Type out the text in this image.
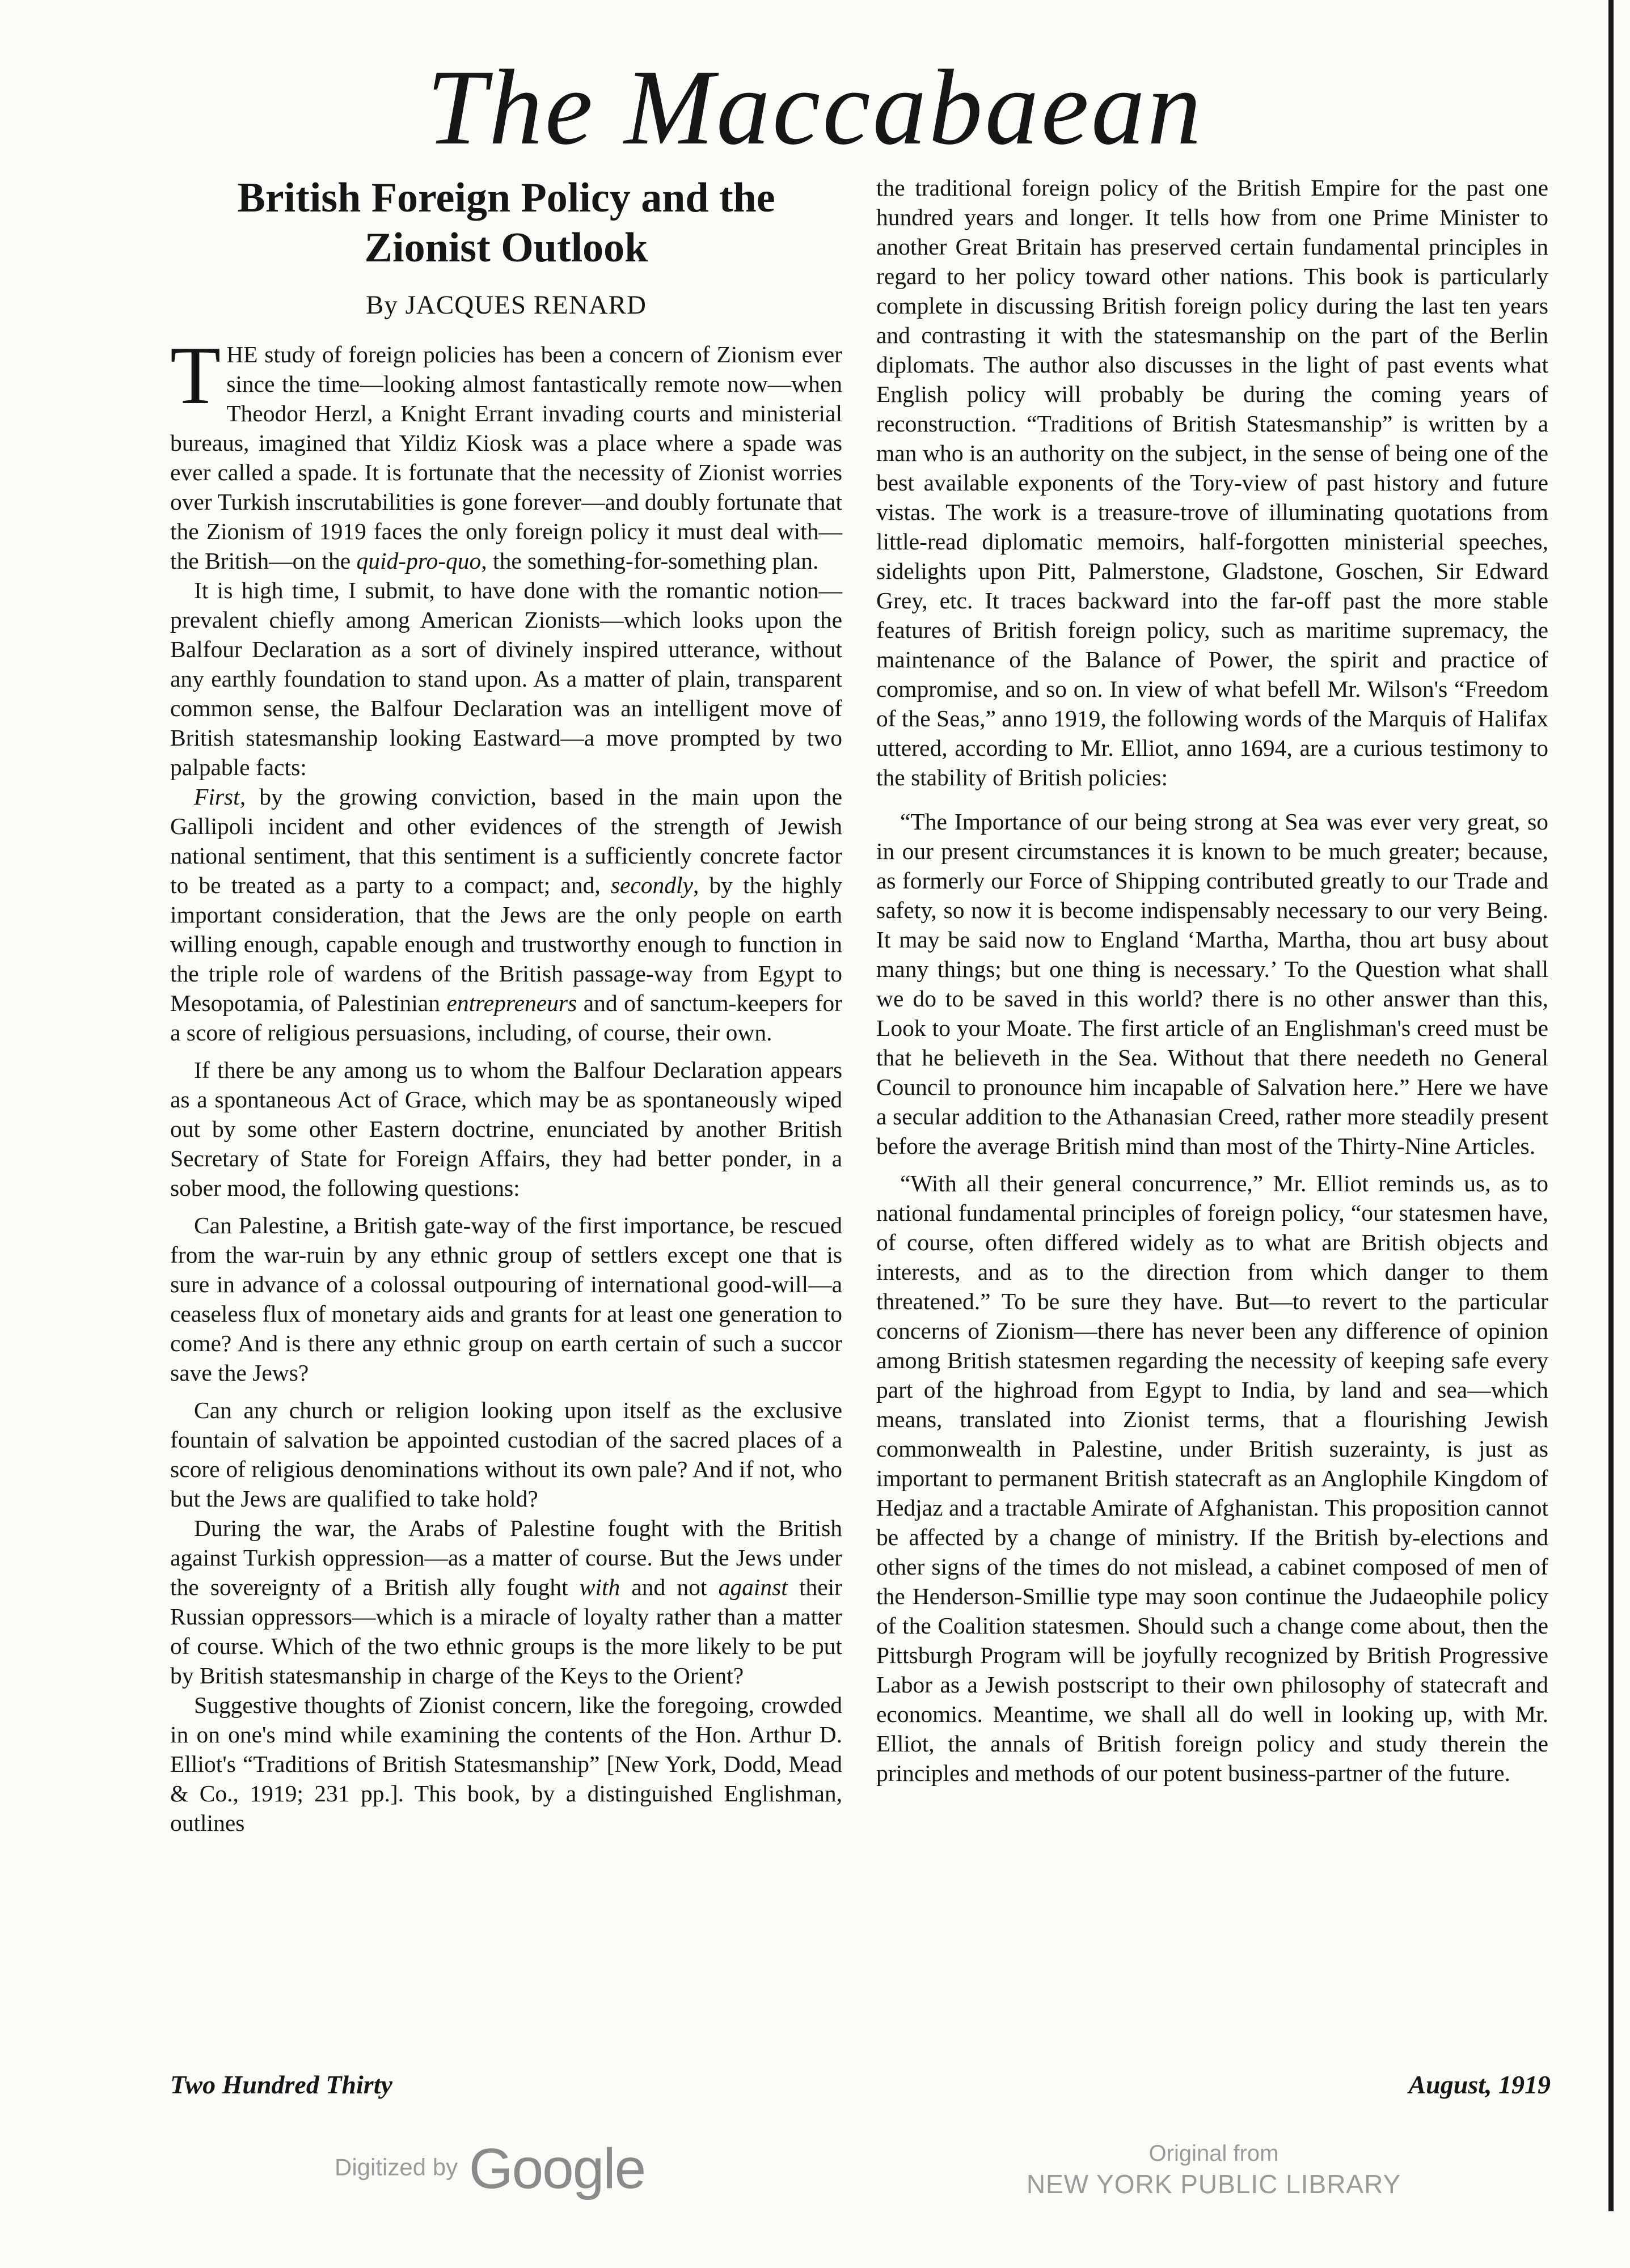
The Maccabaean
British Foreign Policy and the
Zionist Outlook
By JACQUES RENARD

THE study of foreign policies has been a concern of Zionism ever since the time—looking almost fantastically remote now—when Theodor Herzl, a Knight Errant invading courts and ministerial bureaus, imagined that Yildiz Kiosk was a place where a spade was ever called a spade. It is fortunate that the necessity of Zionist worries over Turkish inscrutabilities is gone forever—and doubly fortunate that the Zionism of 1919 faces the only foreign policy it must deal with—the British—on the quid-pro-quo, the something-for-something plan.

It is high time, I submit, to have done with the romantic notion—prevalent chiefly among American Zionists—which looks upon the Balfour Declaration as a sort of divinely inspired utterance, without any earthly foundation to stand upon. As a matter of plain, transparent common sense, the Balfour Declaration was an intelligent move of British statesmanship looking Eastward—a move prompted by two palpable facts:

First, by the growing conviction, based in the main upon the Gallipoli incident and other evidences of the strength of Jewish national sentiment, that this sentiment is a sufficiently concrete factor to be treated as a party to a compact; and, secondly, by the highly important consideration, that the Jews are the only people on earth willing enough, capable enough and trustworthy enough to function in the triple role of wardens of the British passage-way from Egypt to Mesopotamia, of Palestinian entrepreneurs and of sanctum-keepers for a score of religious persuasions, including, of course, their own.

If there be any among us to whom the Balfour Declaration appears as a spontaneous Act of Grace, which may be as spontaneously wiped out by some other Eastern doctrine, enunciated by another British Secretary of State for Foreign Affairs, they had better ponder, in a sober mood, the following questions:

Can Palestine, a British gate-way of the first importance, be rescued from the war-ruin by any ethnic group of settlers except one that is sure in advance of a colossal outpouring of international good-will—a ceaseless flux of monetary aids and grants for at least one generation to come? And is there any ethnic group on earth certain of such a succor save the Jews?

Can any church or religion looking upon itself as the exclusive fountain of salvation be appointed custodian of the sacred places of a score of religious denominations without its own pale? And if not, who but the Jews are qualified to take hold?

During the war, the Arabs of Palestine fought with the British against Turkish oppression—as a matter of course. But the Jews under the sovereignty of a British ally fought with and not against their Russian oppressors—which is a miracle of loyalty rather than a matter of course. Which of the two ethnic groups is the more likely to be put by British statesmanship in charge of the Keys to the Orient?

Suggestive thoughts of Zionist concern, like the foregoing, crowded in on one's mind while examining the contents of the Hon. Arthur D. Elliot's “Traditions of British Statesmanship” [New York, Dodd, Mead & Co., 1919; 231 pp.]. This book, by a distinguished Englishman, outlines

the traditional foreign policy of the British Empire for the past one hundred years and longer. It tells how from one Prime Minister to another Great Britain has preserved certain fundamental principles in regard to her policy toward other nations. This book is particularly complete in discussing British foreign policy during the last ten years and contrasting it with the statesmanship on the part of the Berlin diplomats. The author also discusses in the light of past events what English policy will probably be during the coming years of reconstruction. “Traditions of British Statesmanship” is written by a man who is an authority on the subject, in the sense of being one of the best available exponents of the Tory-view of past history and future vistas. The work is a treasure-trove of illuminating quotations from little-read diplomatic memoirs, half-forgotten ministerial speeches, sidelights upon Pitt, Palmerstone, Gladstone, Goschen, Sir Edward Grey, etc. It traces backward into the far-off past the more stable features of British foreign policy, such as maritime supremacy, the maintenance of the Balance of Power, the spirit and practice of compromise, and so on. In view of what befell Mr. Wilson's “Freedom of the Seas,” anno 1919, the following words of the Marquis of Halifax uttered, according to Mr. Elliot, anno 1694, are a curious testimony to the stability of British policies:

“The Importance of our being strong at Sea was ever very great, so in our present circumstances it is known to be much greater; because, as formerly our Force of Shipping contributed greatly to our Trade and safety, so now it is become indispensably necessary to our very Being. It may be said now to England ‘Martha, Martha, thou art busy about many things; but one thing is necessary.’ To the Question what shall we do to be saved in this world? there is no other answer than this, Look to your Moate. The first article of an Englishman's creed must be that he believeth in the Sea. Without that there needeth no General Council to pronounce him incapable of Salvation here.” Here we have a secular addition to the Athanasian Creed, rather more steadily present before the average British mind than most of the Thirty-Nine Articles.

“With all their general concurrence,” Mr. Elliot reminds us, as to national fundamental principles of foreign policy, “our statesmen have, of course, often differed widely as to what are British objects and interests, and as to the direction from which danger to them threatened.” To be sure they have. But—to revert to the particular concerns of Zionism—there has never been any difference of opinion among British statesmen regarding the necessity of keeping safe every part of the highroad from Egypt to India, by land and sea—which means, translated into Zionist terms, that a flourishing Jewish commonwealth in Palestine, under British suzerainty, is just as important to permanent British statecraft as an Anglophile Kingdom of Hedjaz and a tractable Amirate of Afghanistan. This proposition cannot be affected by a change of ministry. If the British by-elections and other signs of the times do not mislead, a cabinet composed of men of the Henderson-Smillie type may soon continue the Judaeophile policy of the Coalition statesmen. Should such a change come about, then the Pittsburgh Program will be joyfully recognized by British Progressive Labor as a Jewish postscript to their own philosophy of statecraft and economics. Meantime, we shall all do well in looking up, with Mr. Elliot, the annals of British foreign policy and study therein the principles and methods of our potent business-partner of the future.

Two Hundred Thirty	August, 1919
Digitized by Google	Original from
NEW YORK PUBLIC LIBRARY
